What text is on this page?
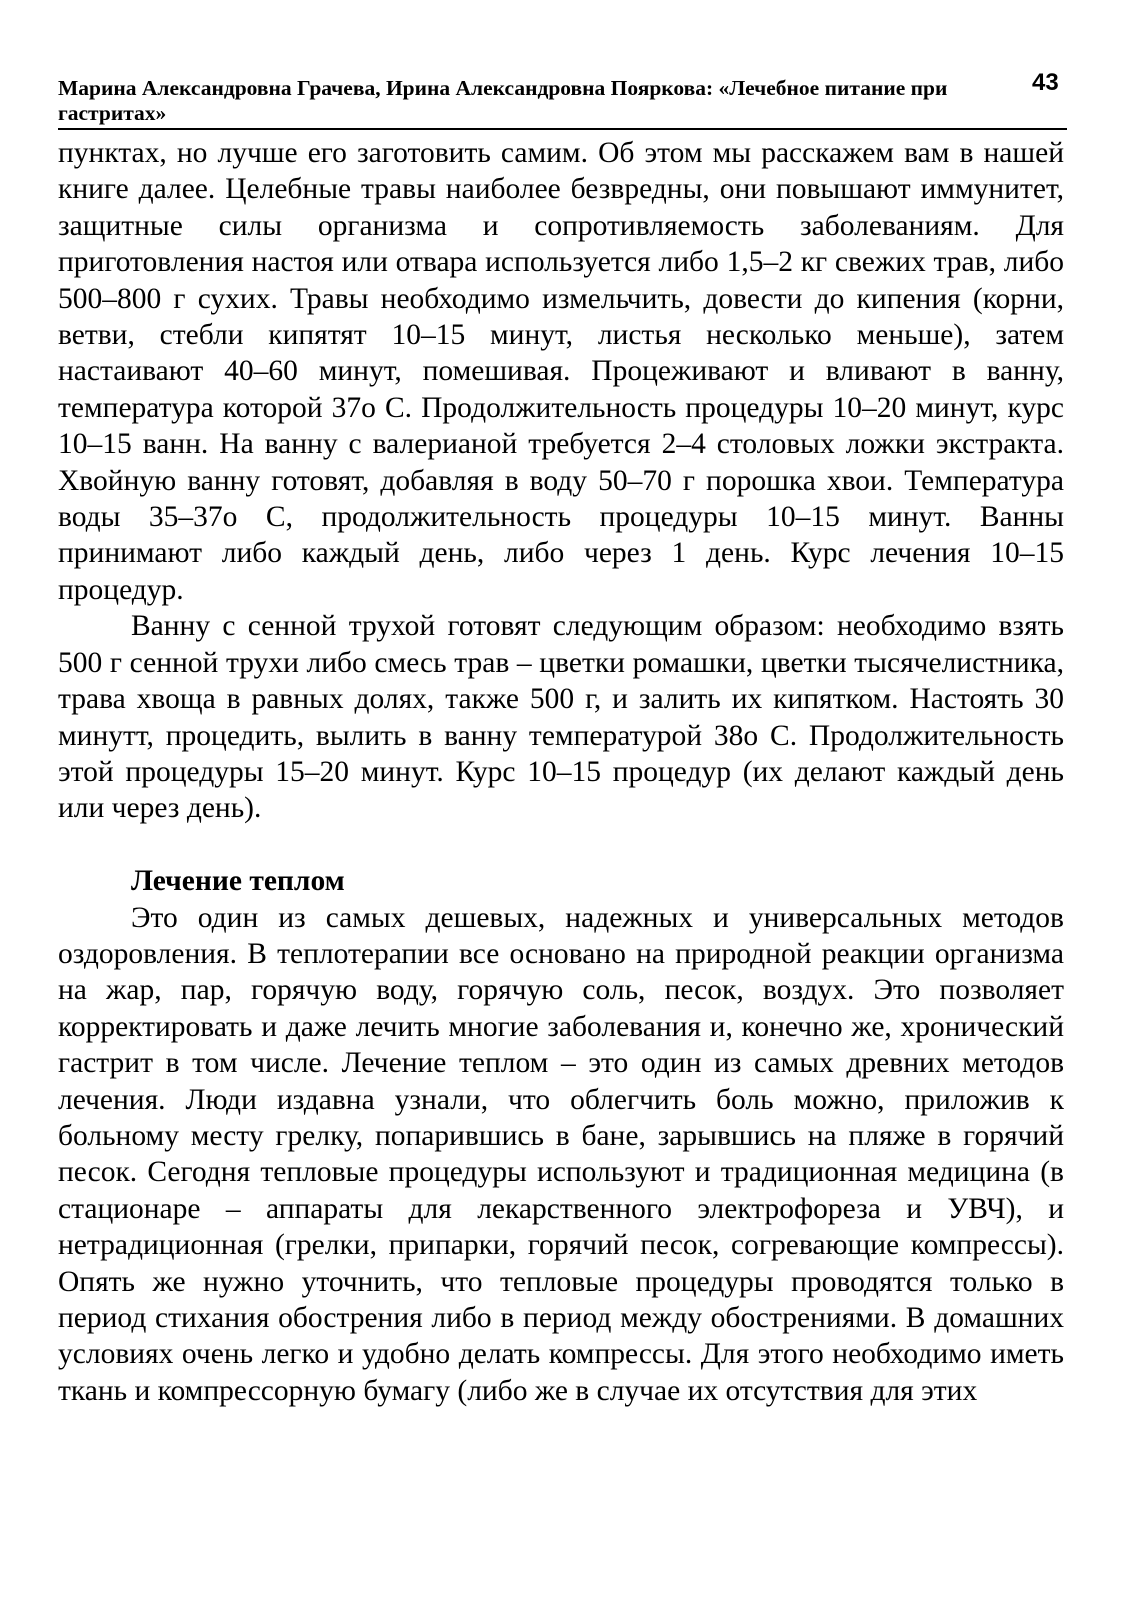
Марина Александровна Грачева, Ирина Александровна Пояркова: «Лечебное питание при гастритах»
43

пунктах, но лучше его заготовить самим. Об этом мы расскажем вам в нашей книге далее. Целебные травы наиболее безвредны, они повышают иммунитет, защитные силы организма и сопротивляемость заболеваниям. Для приготовления настоя или отвара используется либо 1,5–2 кг свежих трав, либо 500–800 г сухих. Травы необходимо измельчить, довести до кипения (корни, ветви, стебли кипятят 10–15 минут, листья несколько меньше), затем настаивают 40–60 минут, помешивая. Процеживают и вливают в ванну, температура которой 37о С. Продолжительность процедуры 10–20 минут, курс 10–15 ванн. На ванну с валерианой требуется 2–4 столовых ложки экстракта. Хвойную ванну готовят, добавляя в воду 50–70 г порошка хвои. Температура воды 35–37о С, продолжительность процедуры 10–15 минут. Ванны принимают либо каждый день, либо через 1 день. Курс лечения 10–15 процедур.

Ванну с сенной трухой готовят следующим образом: необходимо взять 500 г сенной трухи либо смесь трав – цветки ромашки, цветки тысячелистника, трава хвоща в равных долях, также 500 г, и залить их кипятком. Настоять 30 минутт, процедить, вылить в ванну температурой 38о С. Продолжительность этой процедуры 15–20 минут. Курс 10–15 процедур (их делают каждый день или через день).

Лечение теплом

Это один из самых дешевых, надежных и универсальных методов оздоровления. В теплотерапии все основано на природной реакции организма на жар, пар, горячую воду, горячую соль, песок, воздух. Это позволяет корректировать и даже лечить многие заболевания и, конечно же, хронический гастрит в том числе. Лечение теплом – это один из самых древних методов лечения. Люди издавна узнали, что облегчить боль можно, приложив к больному месту грелку, попарившись в бане, зарывшись на пляже в горячий песок. Сегодня тепловые процедуры используют и традиционная медицина (в стационаре – аппараты для лекарственного электрофореза и УВЧ), и нетрадиционная (грелки, припарки, горячий песок, согревающие компрессы). Опять же нужно уточнить, что тепловые процедуры проводятся только в период стихания обострения либо в период между обострениями. В домашних условиях очень легко и удобно делать компрессы. Для этого необходимо иметь ткань и компрессорную бумагу (либо же в случае их отсутствия для этих
